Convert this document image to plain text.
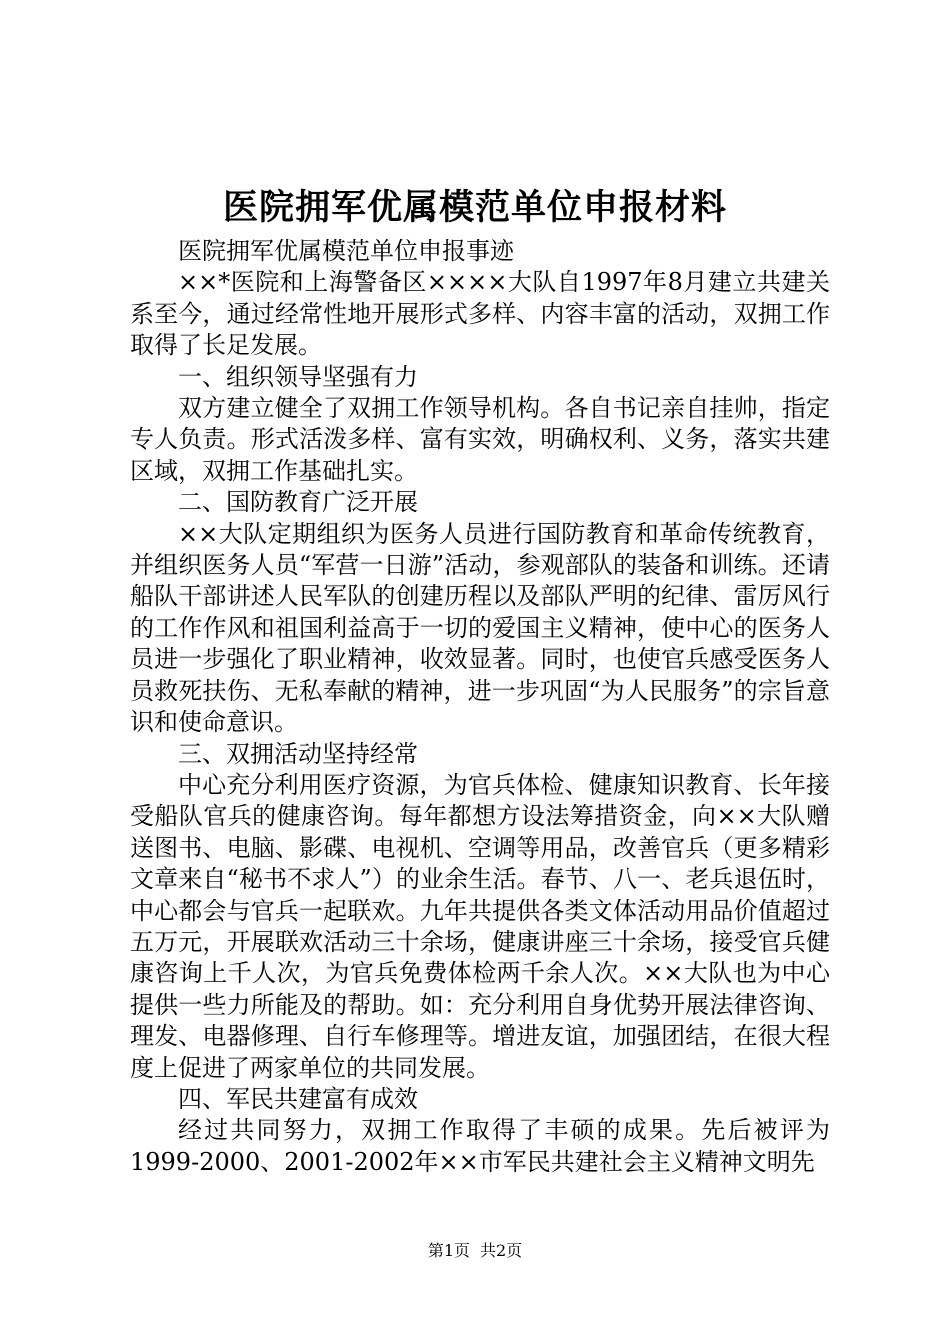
医院拥军优属模范单位申报材料

医院拥军优属模范单位申报事迹

××*医院和上海警备区××××大队自1997年8月建立共建关系至今，通过经常性地开展形式多样、内容丰富的活动，双拥工作取得了长足发展。

一、组织领导坚强有力

双方建立健全了双拥工作领导机构。各自书记亲自挂帅，指定专人负责。形式活泼多样、富有实效，明确权利、义务，落实共建区域，双拥工作基础扎实。

二、国防教育广泛开展

××大队定期组织为医务人员进行国防教育和革命传统教育，并组织医务人员“军营一日游”活动，参观部队的装备和训练。还请船队干部讲述人民军队的创建历程以及部队严明的纪律、雷厉风行的工作作风和祖国利益高于一切的爱国主义精神，使中心的医务人员进一步强化了职业精神，收效显著。同时，也使官兵感受医务人员救死扶伤、无私奉献的精神，进一步巩固“为人民服务”的宗旨意识和使命意识。

三、双拥活动坚持经常

中心充分利用医疗资源，为官兵体检、健康知识教育、长年接受船队官兵的健康咨询。每年都想方设法筹措资金，向××大队赠送图书、电脑、影碟、电视机、空调等用品，改善官兵（更多精彩文章来自“秘书不求人”）的业余生活。春节、八一、老兵退伍时，中心都会与官兵一起联欢。九年共提供各类文体活动用品价值超过五万元，开展联欢活动三十余场，健康讲座三十余场，接受官兵健康咨询上千人次，为官兵免费体检两千余人次。××大队也为中心提供一些力所能及的帮助。如：充分利用自身优势开展法律咨询、理发、电器修理、自行车修理等。增进友谊，加强团结，在很大程度上促进了两家单位的共同发展。

四、军民共建富有成效

经过共同努力，双拥工作取得了丰硕的成果。先后被评为1999-2000、2001-2002年××市军民共建社会主义精神文明先

第1页 共2页
